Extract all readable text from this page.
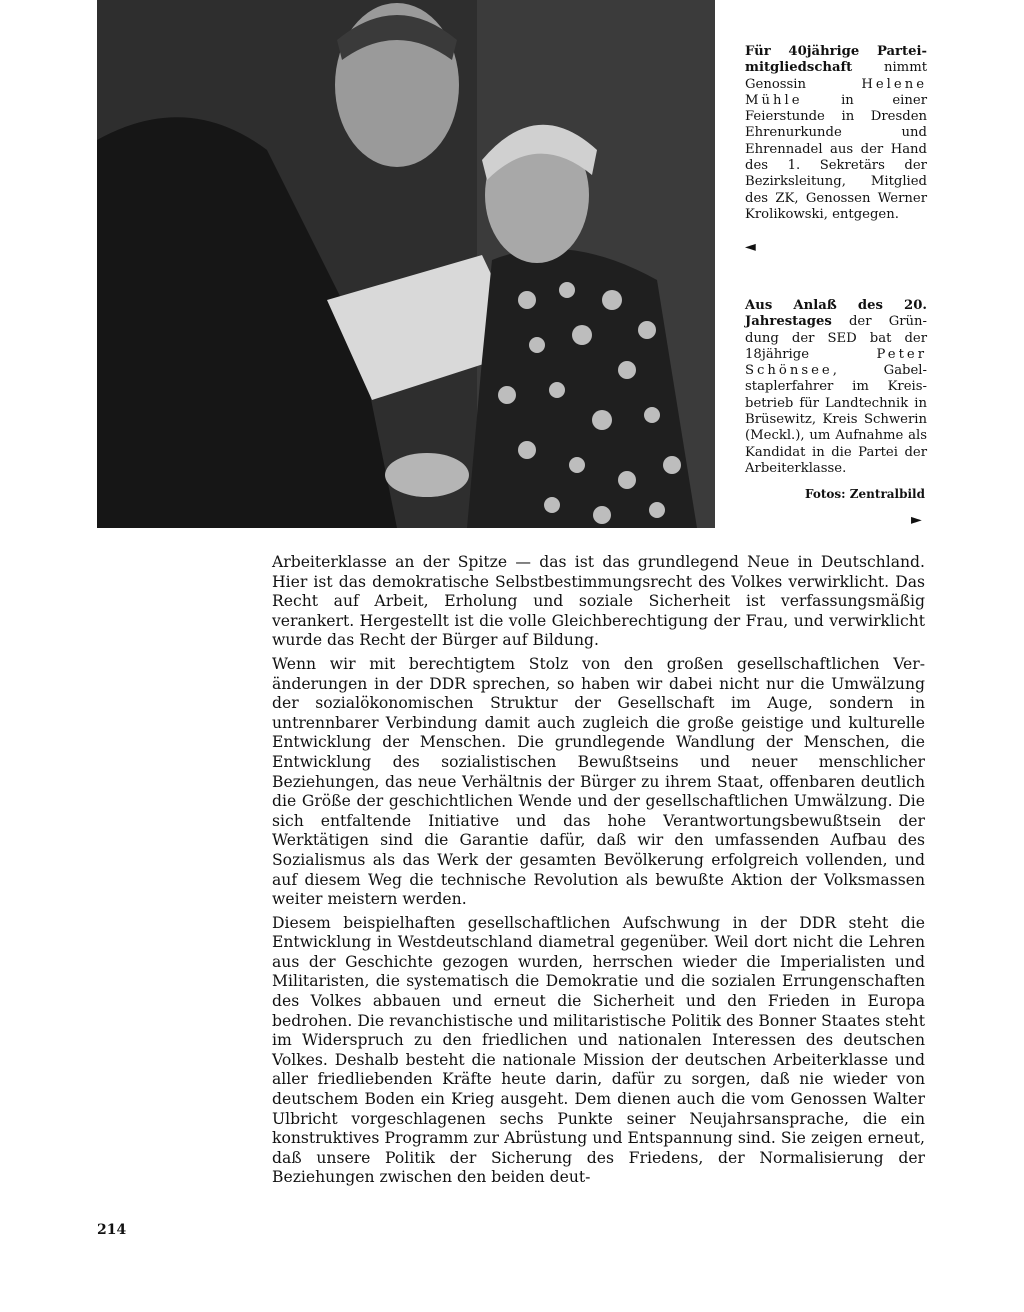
Für 40jährige Parteimitgliedschaft nimmt Genossin Helene Mühle in einer Feierstunde in Dresden Ehrenurkunde und Ehrennadel aus der Hand des 1. Sekretärs der Bezirksleitung, Mitglied des ZK, Genossen Werner Krolikowski, entgegen.
◄
Aus Anlaß des 20. Jahrestages der Gründung der SED bat der 18jährige Peter Schönsee, Gabelstaplerfahrer im Kreisbetrieb für Landtechnik in Brüsewitz, Kreis Schwerin (Meckl.), um Aufnahme als Kandidat in die Partei der Arbeiterklasse.
Fotos: Zentralbild
►

Arbeiterklasse an der Spitze — das ist das grundlegend Neue in Deutschland. Hier ist das demokratische Selbstbestimmungsrecht des Volkes verwirklicht. Das Recht auf Arbeit, Erholung und soziale Sicherheit ist verfassungsmäßig verankert. Hergestellt ist die volle Gleichberechtigung der Frau, und verwirklicht wurde das Recht der Bürger auf Bildung.

Wenn wir mit berechtigtem Stolz von den großen gesellschaftlichen Veränderungen in der DDR sprechen, so haben wir dabei nicht nur die Umwälzung der sozialökonomischen Struktur der Gesellschaft im Auge, sondern in untrennbarer Verbindung damit auch zugleich die große geistige und kulturelle Entwicklung der Menschen. Die grundlegende Wandlung der Menschen, die Entwicklung des sozialistischen Bewußtseins und neuer menschlicher Beziehungen, das neue Verhältnis der Bürger zu ihrem Staat, offenbaren deutlich die Größe der geschichtlichen Wende und der gesellschaftlichen Umwälzung. Die sich entfaltende Initiative und das hohe Verantwortungsbewußtsein der Werktätigen sind die Garantie dafür, daß wir den umfassenden Aufbau des Sozialismus als das Werk der gesamten Bevölkerung erfolgreich vollenden, und auf diesem Weg die technische Revolution als bewußte Aktion der Volksmassen weiter meistern werden.

Diesem beispielhaften gesellschaftlichen Aufschwung in der DDR steht die Entwicklung in Westdeutschland diametral gegenüber. Weil dort nicht die Lehren aus der Geschichte gezogen wurden, herrschen wieder die Imperialisten und Militaristen, die systematisch die Demokratie und die sozialen Errungenschaften des Volkes abbauen und erneut die Sicherheit und den Frieden in Europa bedrohen. Die revanchistische und militaristische Politik des Bonner Staates steht im Widerspruch zu den friedlichen und nationalen Interessen des deutschen Volkes. Deshalb besteht die nationale Mission der deutschen Arbeiterklasse und aller friedliebenden Kräfte heute darin, dafür zu sorgen, daß nie wieder von deutschem Boden ein Krieg ausgeht. Dem dienen auch die vom Genossen Walter Ulbricht vorgeschlagenen sechs Punkte seiner Neujahrsansprache, die ein konstruktives Programm zur Abrüstung und Entspannung sind. Sie zeigen erneut, daß unsere Politik der Sicherung des Friedens, der Normalisierung der Beziehungen zwischen den beiden deut-

214
